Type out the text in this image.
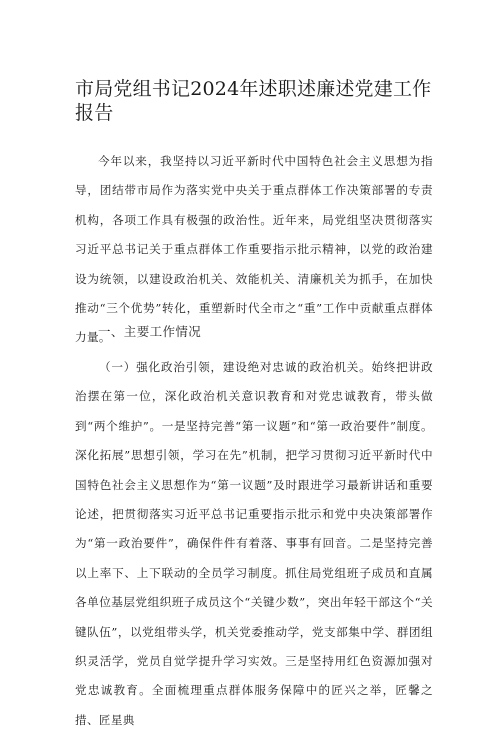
市局党组书记2024年述职述廉述党建工作报告

今年以来，我坚持以习近平新时代中国特色社会主义思想为指导，团结带市局作为落实党中央关于重点群体工作决策部署的专责机构，各项工作具有极强的政治性。近年来，局党组坚决贯彻落实习近平总书记关于重点群体工作重要指示批示精神，以党的政治建设为统领，以建设政治机关、效能机关、清廉机关为抓手，在加快推动“三个优势”转化，重塑新时代全市之“重”工作中贡献重点群体力量。

一、主要工作情况

（一）强化政治引领，建设绝对忠诚的政治机关。始终把讲政治摆在第一位，深化政治机关意识教育和对党忠诚教育，带头做到“两个维护”。一是坚持完善“第一议题”和“第一政治要件”制度。深化拓展”思想引领，学习在先”机制，把学习贯彻习近平新时代中国特色社会主义思想作为“第一议题”及时跟进学习最新讲话和重要论述，把贯彻落实习近平总书记重要指示批示和党中央决策部署作为“第一政治要件”，确保件件有着落、事事有回音。二是坚持完善以上率下、上下联动的全员学习制度。抓住局党组班子成员和直属各单位基层党组织班子成员这个“关键少数”，突出年轻干部这个“关键队伍”，以党组带头学，机关党委推动学，党支部集中学、群团组织灵活学，党员自觉学提升学习实效。三是坚持用红色资源加强对党忠诚教育。全面梳理重点群体服务保障中的匠兴之举，匠馨之措、匠星典
